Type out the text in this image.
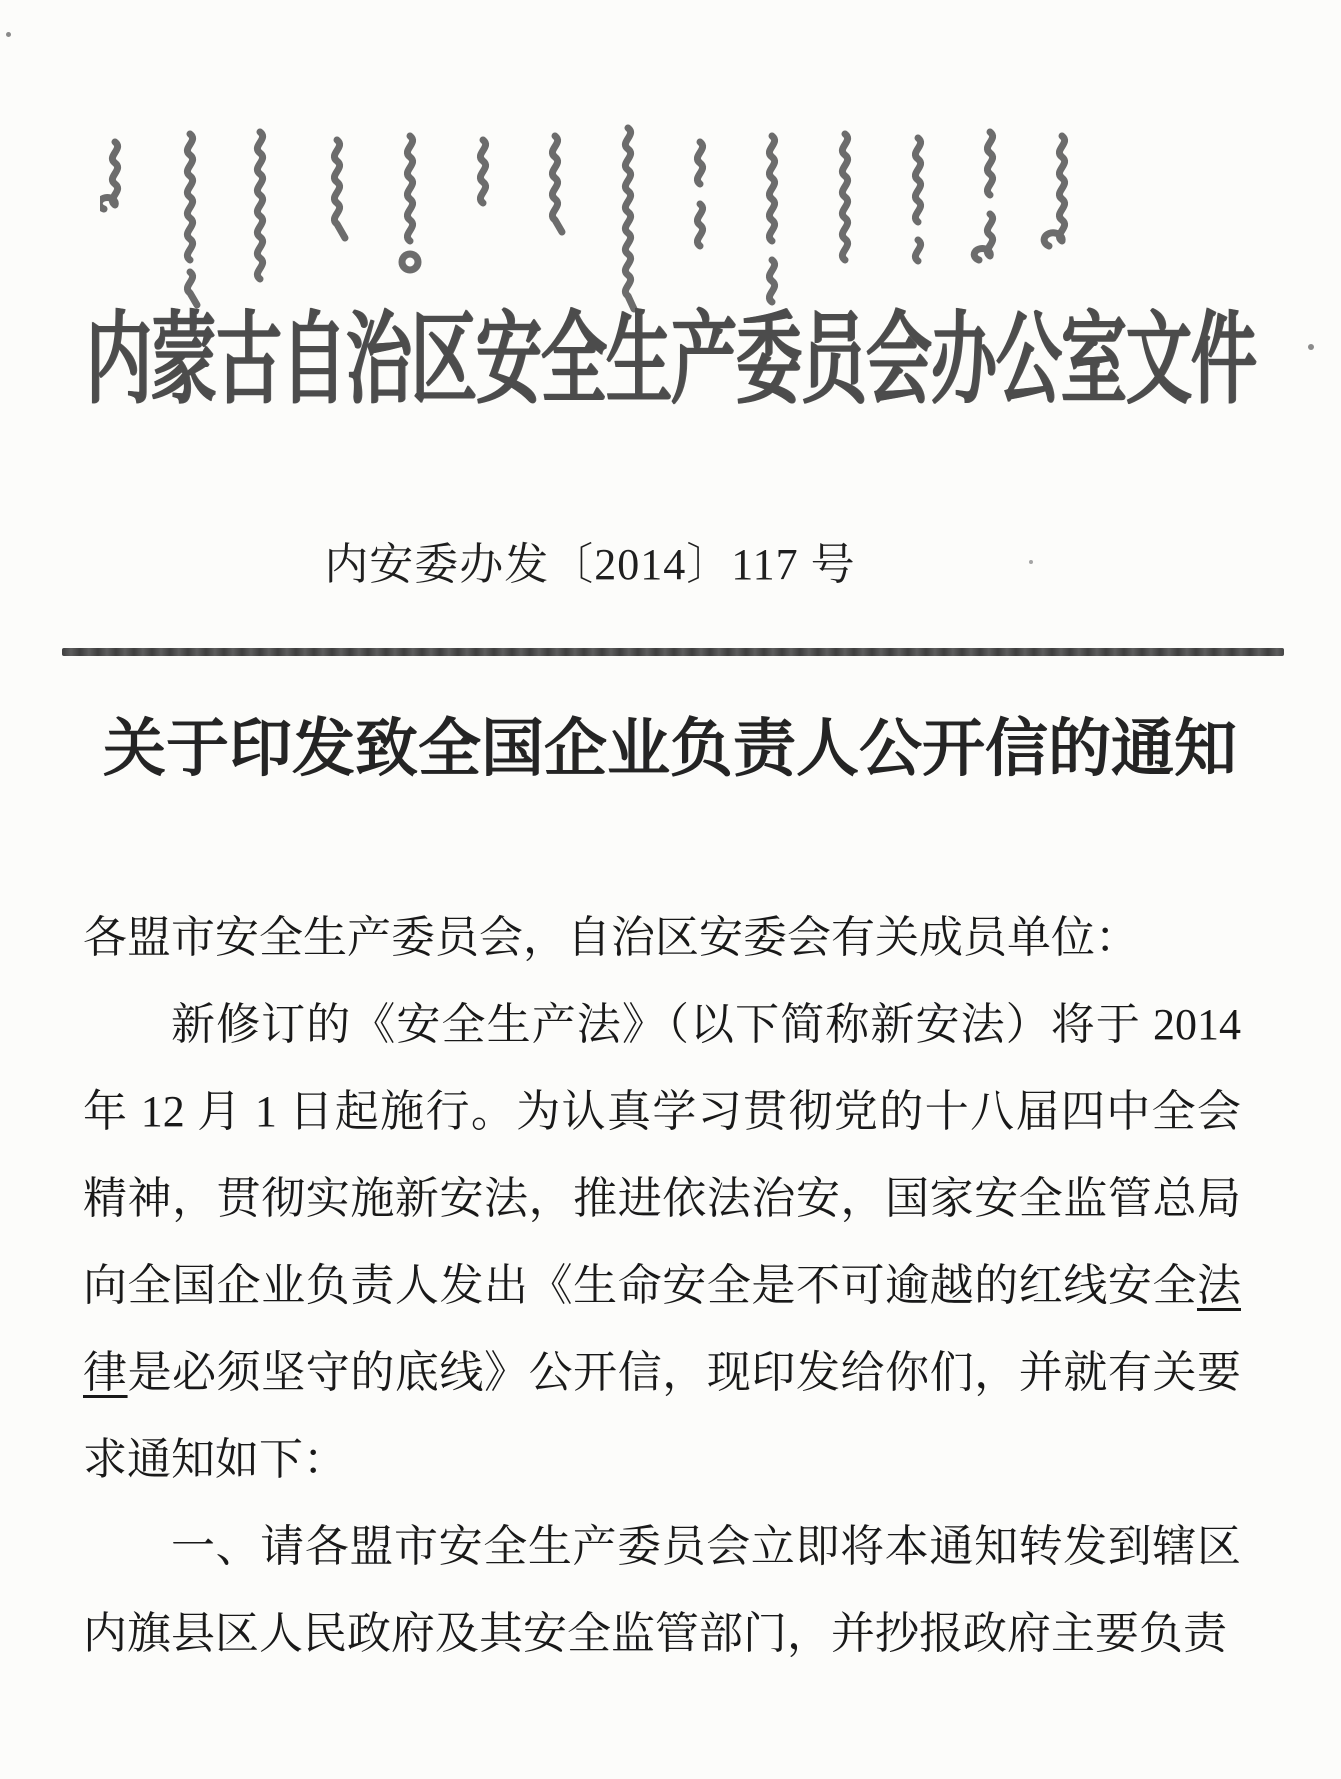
内蒙古自治区安全生产委员会办公室文件
内安委办发〔2014〕117 号
关于印发致全国企业负责人公开信的通知

各盟市安全生产委员会，自治区安委会有关成员单位：

新修订的《安全生产法》（以下简称新安法）将于 2014 年 12 月 1 日起施行。为认真学习贯彻党的十八届四中全会精神，贯彻实施新安法，推进依法治安，国家安全监管总局向全国企业负责人发出《生命安全是不可逾越的红线安全法律是必须坚守的底线》公开信，现印发给你们，并就有关要求通知如下：

一、请各盟市安全生产委员会立即将本通知转发到辖区内旗县区人民政府及其安全监管部门，并抄报政府主要负责
